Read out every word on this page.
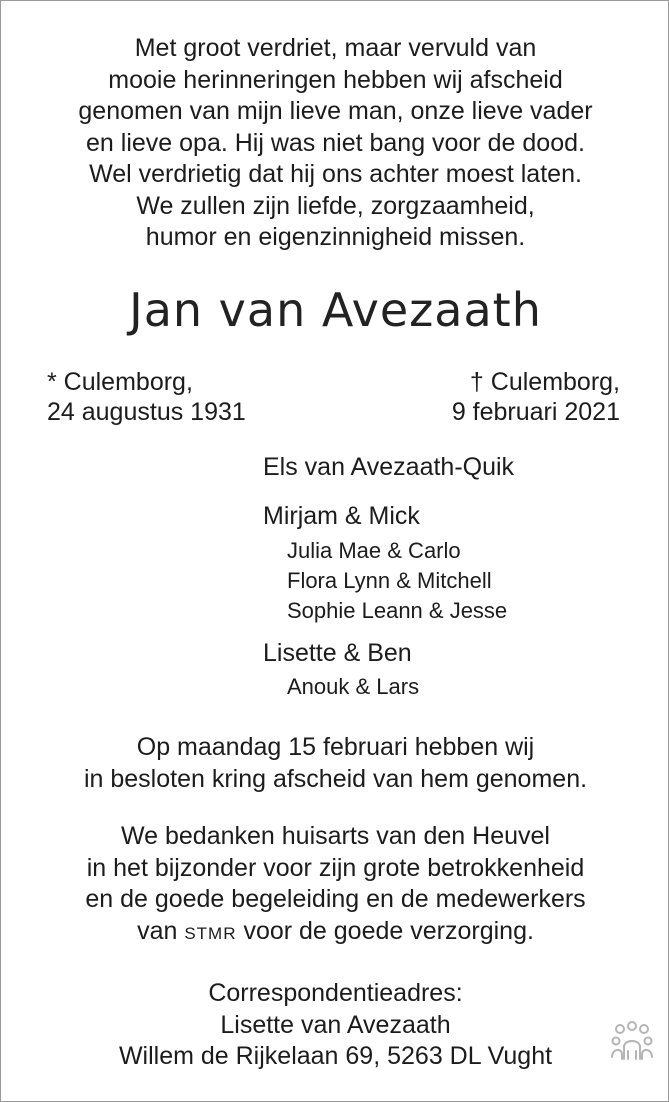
Met groot verdriet, maar vervuld van
mooie herinneringen hebben wij afscheid
genomen van mijn lieve man, onze lieve vader
en lieve opa. Hij was niet bang voor de dood.
Wel verdrietig dat hij ons achter moest laten.
We zullen zijn liefde, zorgzaamheid,
humor en eigenzinnigheid missen.
Jan van Avezaath
* Culemborg,
24 augustus 1931
† Culemborg,
9 februari 2021
Els van Avezaath-Quik
Mirjam & Mick
Julia Mae & Carlo
Flora Lynn & Mitchell
Sophie Leann & Jesse
Lisette & Ben
Anouk & Lars
Op maandag 15 februari hebben wij
in besloten kring afscheid van hem genomen.
We bedanken huisarts van den Heuvel
in het bijzonder voor zijn grote betrokkenheid
en de goede begeleiding en de medewerkers
van STMR voor de goede verzorging.
Correspondentieadres:
Lisette van Avezaath
Willem de Rijkelaan 69, 5263 DL Vught
